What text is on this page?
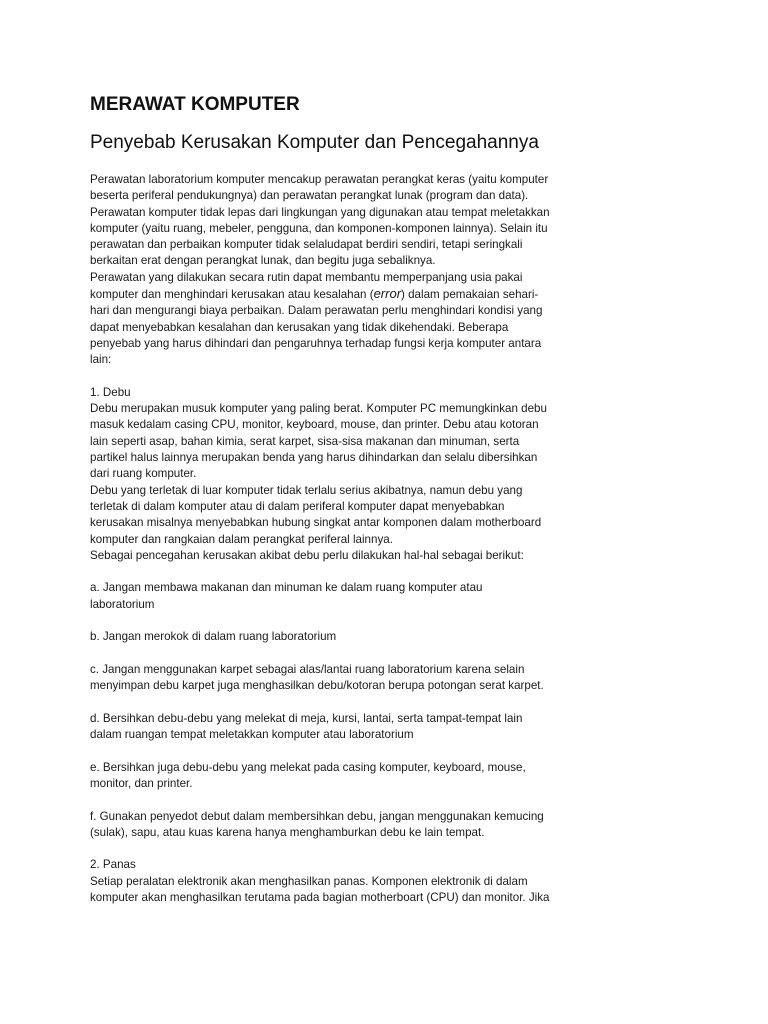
MERAWAT KOMPUTER
Penyebab Kerusakan Komputer dan Pencegahannya

Perawatan laboratorium komputer mencakup perawatan perangkat keras (yaitu komputer beserta periferal pendukungnya) dan perawatan perangkat lunak (program dan data). Perawatan komputer tidak lepas dari lingkungan yang digunakan atau tempat meletakkan komputer (yaitu ruang, mebeler, pengguna, dan komponen-komponen lainnya). Selain itu perawatan dan perbaikan komputer tidak selaludapat berdiri sendiri, tetapi seringkali berkaitan erat dengan perangkat lunak, dan begitu juga sebaliknya.

Perawatan yang dilakukan secara rutin dapat membantu memperpanjang usia pakai komputer dan menghindari kerusakan atau kesalahan (error) dalam pemakaian sehari-hari dan mengurangi biaya perbaikan. Dalam perawatan perlu menghindari kondisi yang dapat menyebabkan kesalahan dan kerusakan yang tidak dikehendaki. Beberapa penyebab yang harus dihindari dan pengaruhnya terhadap fungsi kerja komputer antara lain:

1. Debu

Debu merupakan musuk komputer yang paling berat. Komputer PC memungkinkan debu masuk kedalam casing CPU, monitor, keyboard, mouse, dan printer. Debu atau kotoran lain seperti asap, bahan kimia, serat karpet, sisa-sisa makanan dan minuman, serta partikel halus lainnya merupakan benda yang harus dihindarkan dan selalu dibersihkan dari ruang komputer.

Debu yang terletak di luar komputer tidak terlalu serius akibatnya, namun debu yang terletak di dalam komputer atau di dalam periferal komputer dapat menyebabkan kerusakan misalnya menyebabkan hubung singkat antar komponen dalam motherboard komputer dan rangkaian dalam perangkat periferal lainnya.

Sebagai pencegahan kerusakan akibat debu perlu dilakukan hal-hal sebagai berikut:

a. Jangan membawa makanan dan minuman ke dalam ruang komputer atau laboratorium

b. Jangan merokok di dalam ruang laboratorium

c. Jangan menggunakan karpet sebagai alas/lantai ruang laboratorium karena selain menyimpan debu karpet juga menghasilkan debu/kotoran berupa potongan serat karpet.

d. Bersihkan debu-debu yang melekat di meja, kursi, lantai, serta tampat-tempat lain dalam ruangan tempat meletakkan komputer atau laboratorium

e. Bersihkan juga debu-debu yang melekat pada casing komputer, keyboard, mouse, monitor, dan printer.

f. Gunakan penyedot debut dalam membersihkan debu, jangan menggunakan kemucing (sulak), sapu, atau kuas karena hanya menghamburkan debu ke lain tempat.

2. Panas

Setiap peralatan elektronik akan menghasilkan panas. Komponen elektronik di dalam komputer akan menghasilkan terutama pada bagian motherboart (CPU) dan monitor. Jika
